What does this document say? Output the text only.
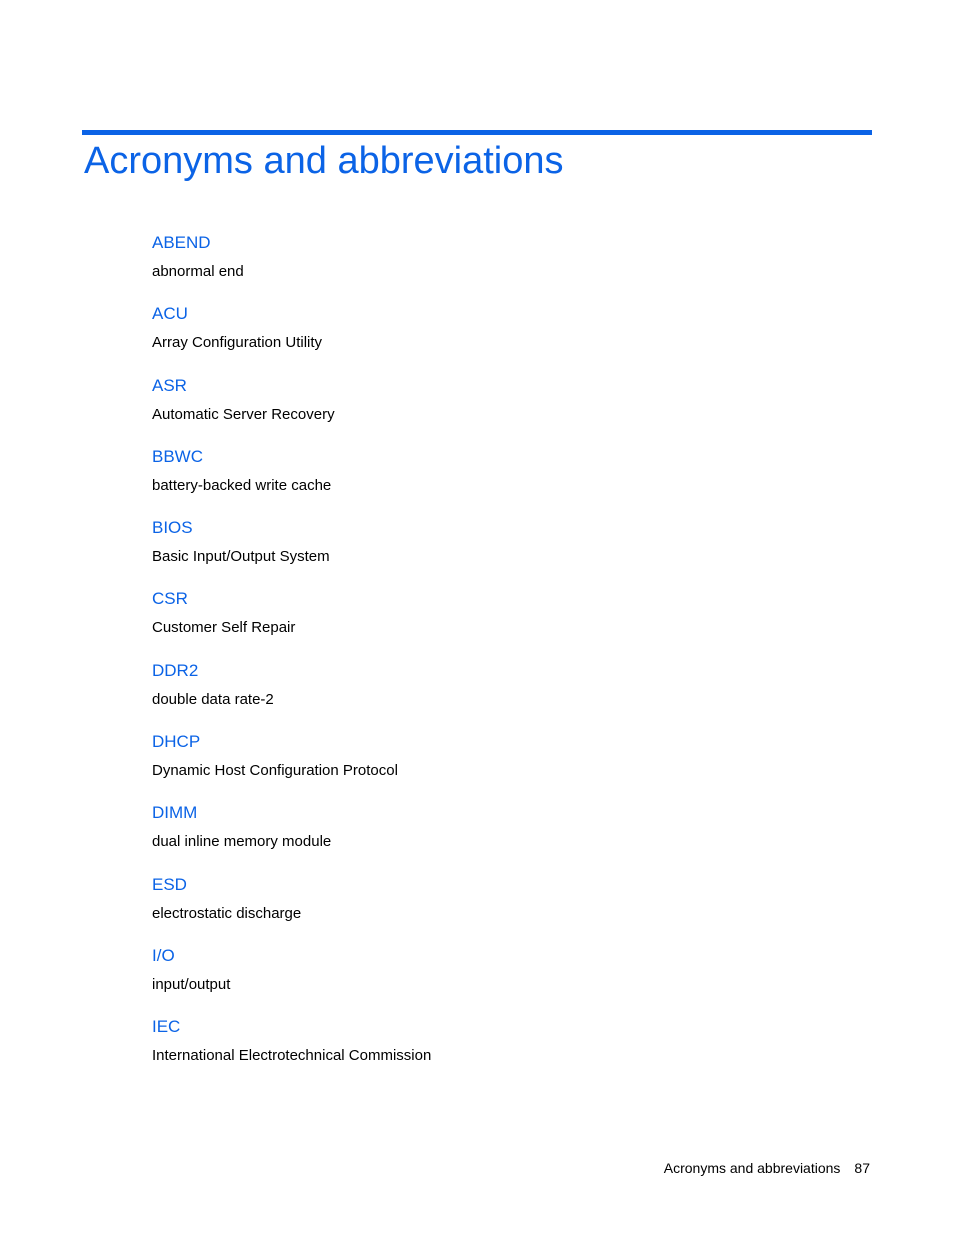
Acronyms and abbreviations
ABEND
abnormal end
ACU
Array Configuration Utility
ASR
Automatic Server Recovery
BBWC
battery-backed write cache
BIOS
Basic Input/Output System
CSR
Customer Self Repair
DDR2
double data rate-2
DHCP
Dynamic Host Configuration Protocol
DIMM
dual inline memory module
ESD
electrostatic discharge
I/O
input/output
IEC
International Electrotechnical Commission
Acronyms and abbreviations 87
